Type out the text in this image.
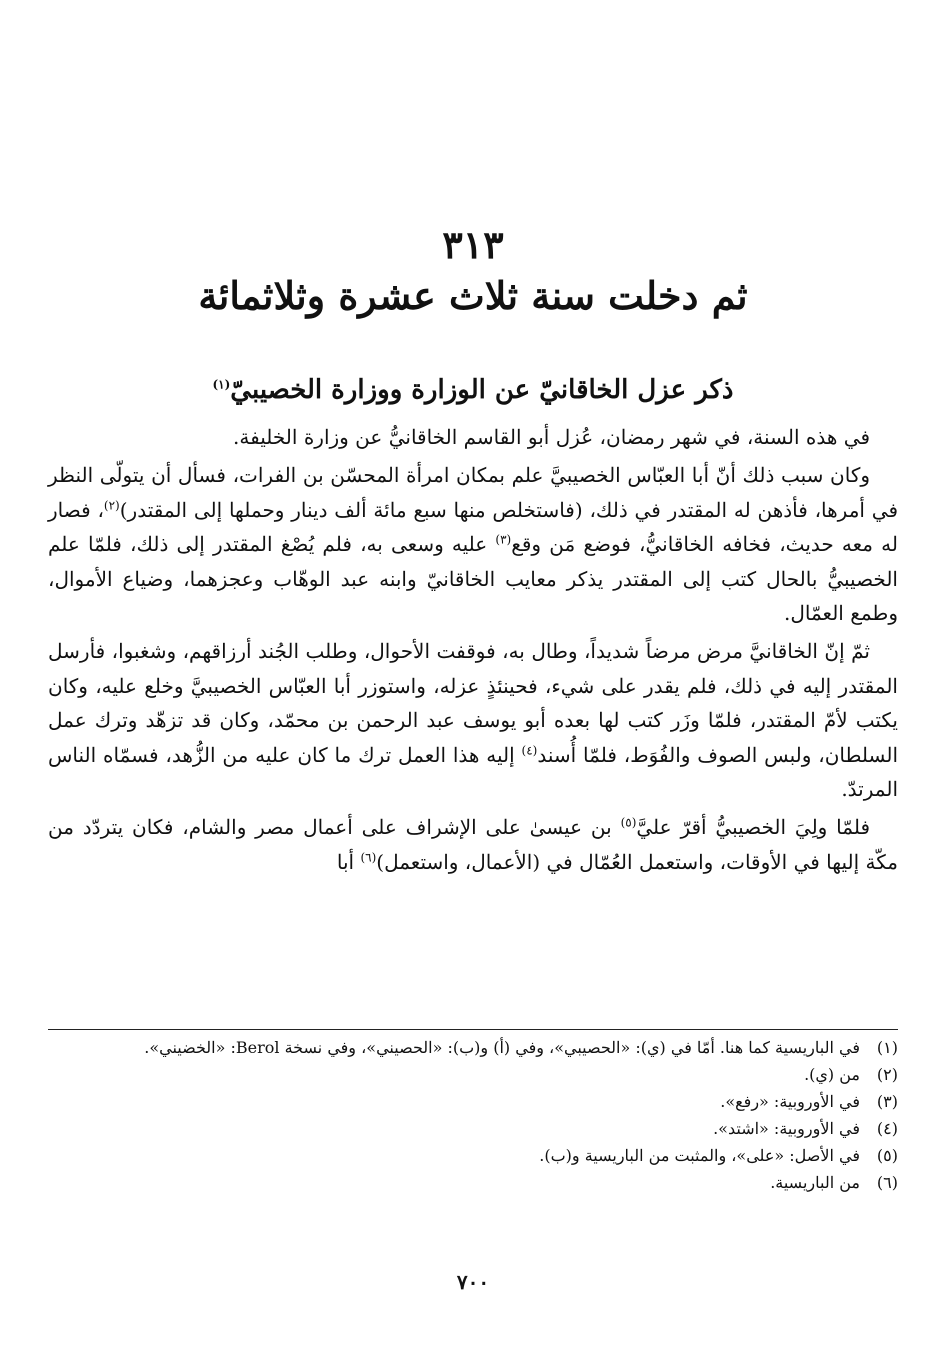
٣١٣
ثم دخلت سنة ثلاث عشرة وثلاثمائة
ذكر عزل الخاقانيّ عن الوزارة ووزارة الخصيبيّ$^{(١)}$

في هذه السنة، في شهر رمضان، عُزل أبو القاسم الخاقانيُّ عن وزارة الخليفة.

وكان سبب ذلك أنّ أبا العبّاس الخصيبيَّ علم بمكان امرأة المحسّن بن الفرات، فسأل أن يتولّى النظر في أمرها، فأذهن له المقتدر في ذلك، (فاستخلص منها سبع مائة ألف دينار وحملها إلى المقتدر)$^{(٢)}$، فصار له معه حديث، فخافه الخاقانيُّ، فوضع مَن وقع$^{(٣)}$ عليه وسعى به، فلم يُصْغ المقتدر إلى ذلك، فلمّا علم الخصيبيُّ بالحال كتب إلى المقتدر يذكر معايب الخاقانيّ وابنه عبد الوهّاب وعجزهما، وضياع الأموال، وطمع العمّال.

ثمّ إنّ الخاقانيَّ مرض مرضاً شديداً، وطال به، فوقفت الأحوال، وطلب الجُند أرزاقهم، وشغبوا، فأرسل المقتدر إليه في ذلك، فلم يقدر على شيء، فحينئذٍ عزله، واستوزر أبا العبّاس الخصيبيَّ وخلع عليه، وكان يكتب لأمّ المقتدر، فلمّا وزَر كتب لها بعده أبو يوسف عبد الرحمن بن محمّد، وكان قد تزهّد وترك عمل السلطان، ولبس الصوف والفُوَط، فلمّا أُسند$^{(٤)}$ إليه هذا العمل ترك ما كان عليه من الزُّهد، فسمّاه الناس المرتدّ.

فلمّا ولِيَ الخصيبيُّ أقرّ عليَّ$^{(٥)}$ بن عيسىٰ على الإشراف على أعمال مصر والشام، فكان يتردّد من مكّة إليها في الأوقات، واستعمل العُمّال في (الأعمال، واستعمل)$^{(٦)}$ أبا

(١)
في الباريسية كما هنا. أمّا في (ي): «الحصيبي»، وفي (أ) و(ب): «الحصيني»، وفي نسخة Berol: «الخضيني».
(٢)
من (ي).
(٣)
في الأوروبية: «رفع».
(٤)
في الأوروبية: «اشتد».
(٥)
في الأصل: «على»، والمثبت من الباريسية و(ب).
(٦)
من الباريسية.
٧٠٠
